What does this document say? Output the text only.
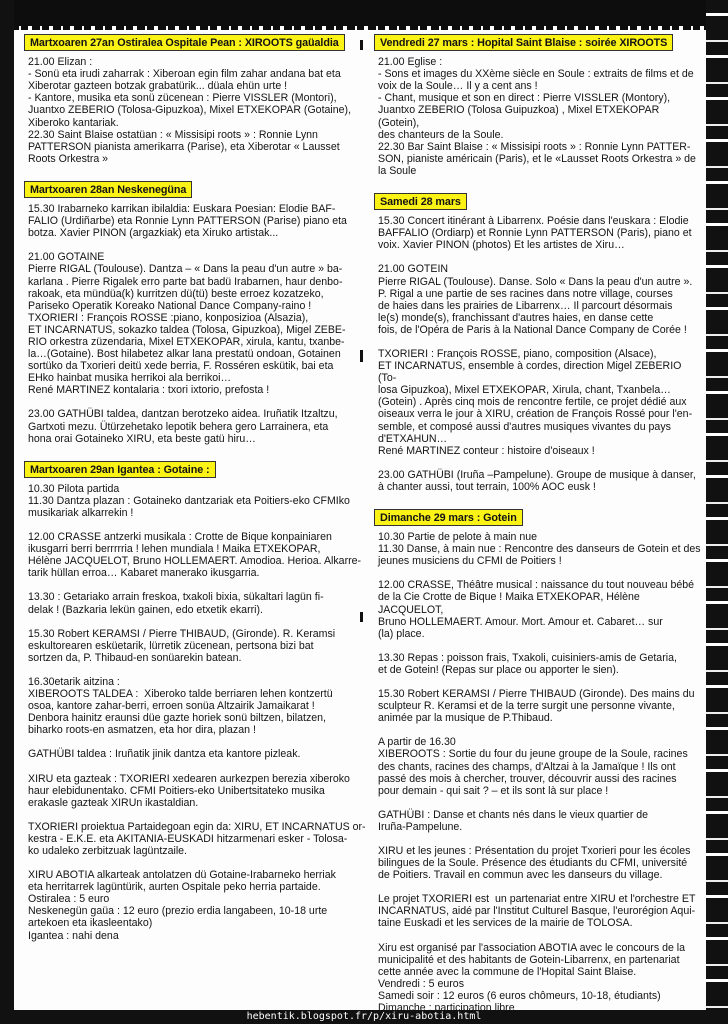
Martxoaren 27an Ostiralea Ospitale Pean : XIROOTS gaüaldia

21.00 Elizan :

- Sonü eta irudi zaharrak : Xiberoan egin film zahar andana bat eta

Xiberotar gazteen botzak grabatürik... düala ehün urte !

- Kantore, musika eta sonü zücenean : Pierre VISSLER (Montori),

Juantxo ZEBERIO (Tolosa-Gipuzkoa), Mixel ETXEKOPAR (Gotaine),

Xiberoko kantariak.

22.30 Saint Blaise ostatüan : « Missisipi roots » : Ronnie Lynn

PATTERSON pianista amerikarra (Parise), eta Xiberotar « Lausset

Roots Orkestra »

Martxoaren 28an Neskenegüna

15.30 Irabarneko karrikan ibilaldia: Euskara Poesian: Elodie BAF-

FALIO (Urdiñarbe) eta Ronnie Lynn PATTERSON (Parise) piano eta

botza. Xavier PINON (argazkiak) eta Xiruko artistak...

21.00 GOTAINE

Pierre RIGAL (Toulouse). Dantza – « Dans la peau d'un autre » ba-

karlana . Pierre Rigalek erro parte bat badü Irabarnen, haur denbo-

rakoak, eta mündüa(k) kurritzen dü(tü) beste erroez kozatzeko,

Pariseko Operatik Koreako National Dance Company-raino !

TXORIERI : François ROSSE :piano, konposizioa (Alsazia),

ET INCARNATUS, sokazko taldea (Tolosa, Gipuzkoa), Migel ZEBE-

RIO orkestra züzendaria, Mixel ETXEKOPAR, xirula, kantu, txanbe-

la…(Gotaine). Bost hilabetez alkar lana prestatü ondoan, Gotainen

sortüko da Txorieri deitü xede berria, F. Rosséren eskütik, bai eta

EHko hainbat musika herrikoi ala berrikoi…

René MARTINEZ kontalaria : txori ixtorio, prefosta !

23.00 GATHÜBI taldea, dantzan berotzeko aidea. Iruñatik Itzaltzu,

Gartxoti mezu. Ütürzehetako lepotik behera gero Larrainera, eta

hona orai Gotaineko XIRU, eta beste gatü hiru…

Martxoaren 29an Igantea : Gotaine :

10.30 Pilota partida

11.30 Dantza plazan : Gotaineko dantzariak eta Poitiers-eko CFMIko

musikariak alkarrekin !

12.00 CRASSE antzerki musikala : Crotte de Bique konpainiaren

ikusgarri berri berrrrria ! lehen mundiala ! Maika ETXEKOPAR,

Hélène JACQUELOT, Bruno HOLLEMAERT. Amodioa. Herioa. Alkarre-

tarik hüllan erroa… Kabaret manerako ikusgarria.

13.30 : Getariako arrain freskoa, txakoli bixia, sükaltari lagün fi-

delak ! (Bazkaria lekün gainen, edo etxetik ekarri).

15.30 Robert KERAMSI / Pierre THIBAUD, (Gironde). R. Keramsi

eskultorearen esküetarik, lürretik zücenean, pertsona bizi bat

sortzen da, P. Thibaud-en sonüarekin batean.

16.30etarik aitzina :

XIBEROOTS TALDEA :  Xiberoko talde berriaren lehen kontzertü

osoa, kantore zahar-berri, erroen sonüa Altzairik Jamaikarat !

Denbora hainitz eraunsi düe gazte horiek sonü biltzen, bilatzen,

biharko roots-en asmatzen, eta hor dira, plazan !

GATHÜBI taldea : Iruñatik jinik dantza eta kantore pizleak.

XIRU eta gazteak : TXORIERI xedearen aurkezpen berezia xiberoko

haur elebidunentako. CFMI Poitiers-eko Unibertsitateko musika

erakasle gazteak XIRUn ikastaldian.

TXORIERI proiektua Partaidegoan egin da: XIRU, ET INCARNATUS or-

kestra - E.K.E. eta AKITANIA-EUSKADI hitzarmenari esker - Tolosa-

ko udaleko zerbitzuak lagüntzaile.

XIRU ABOTIA alkarteak antolatzen dü Gotaine-Irabarneko herriak

eta herritarrek lagüntürik, aurten Ospitale peko herria partaide.

Ostiralea : 5 euro

Neskenegün gaüa : 12 euro (prezio erdia langabeen, 10-18 urte

artekoen eta ikasleentako)

Igantea : nahi dena

Vendredi 27 mars : Hopital Saint Blaise : soirée XIROOTS

21.00 Eglise :

- Sons et images du XXème siècle en Soule : extraits de films et de

voix de la Soule… Il y a cent ans !

- Chant, musique et son en direct : Pierre VISSLER (Montory),

Juantxo ZEBERIO (Tolosa Guipuzkoa) , Mixel ETXEKOPAR (Gotein),

des chanteurs de la Soule.

22.30 Bar Saint Blaise : « Missisipi roots » : Ronnie Lynn PATTER-

SON, pianiste américain (Paris), et le «Lausset Roots Orkestra » de

la Soule

Samedi 28 mars

15.30 Concert itinérant à Libarrenx. Poésie dans l'euskara : Elodie

BAFFALIO (Ordiarp) et Ronnie Lynn PATTERSON (Paris), piano et

voix. Xavier PINON (photos) Et les artistes de Xiru…

21.00 GOTEIN

Pierre RIGAL (Toulouse). Danse. Solo « Dans la peau d'un autre ».

P. Rigal a une partie de ses racines dans notre village, courses

de haies dans les prairies de Libarrenx… Il parcourt désormais

le(s) monde(s), franchissant d'autres haies, en danse cette

fois, de l'Opéra de Paris à la National Dance Company de Corée !

TXORIERI : François ROSSE, piano, composition (Alsace),

ET INCARNATUS, ensemble à cordes, direction Migel ZEBERIO (To-

losa Gipuzkoa), Mixel ETXEKOPAR, Xirula, chant, Txanbela…

(Gotein) . Après cinq mois de rencontre fertile, ce projet dédié aux

oiseaux verra le jour à XIRU, création de François Rossé pour l'en-

semble, et composé aussi d'autres musiques vivantes du pays

d'ETXAHUN…

René MARTINEZ conteur : histoire d'oiseaux !

23.00 GATHÜBI (Iruña –Pampelune). Groupe de musique à danser,

à chanter aussi, tout terrain, 100% AOC eusk !

Dimanche 29 mars : Gotein

10.30 Partie de pelote à main nue

11.30 Danse, à main nue : Rencontre des danseurs de Gotein et des

jeunes musiciens du CFMI de Poitiers !

12.00 CRASSE, Théâtre musical : naissance du tout nouveau bébé

de la Cie Crotte de Bique ! Maika ETXEKOPAR, Hélène JACQUELOT,

Bruno HOLLEMAERT. Amour. Mort. Amour et. Cabaret… sur

(la) place.

13.30 Repas : poisson frais, Txakoli, cuisiniers-amis de Getaria,

et de Gotein! (Repas sur place ou apporter le sien).

15.30 Robert KERAMSI / Pierre THIBAUD (Gironde). Des mains du

sculpteur R. Keramsi et de la terre surgit une personne vivante,

animée par la musique de P.Thibaud.

A partir de 16.30

XIBEROOTS : Sortie du four du jeune groupe de la Soule, racines

des chants, racines des champs, d'Altzai à la Jamaïque ! Ils ont

passé des mois à chercher, trouver, découvrir aussi des racines

pour demain - qui sait ? – et ils sont là sur place !

GATHÜBI : Danse et chants nés dans le vieux quartier de

Iruña-Pampelune.

XIRU et les jeunes : Présentation du projet Txorieri pour les écoles

bilingues de la Soule. Présence des étudiants du CFMI, université

de Poitiers. Travail en commun avec les danseurs du village.

Le projet TXORIERI est  un partenariat entre XIRU et l'orchestre ET

INCARNATUS, aidé par l'Institut Culturel Basque, l'eurorégion Aqui-

taine Euskadi et les services de la mairie de TOLOSA.

Xiru est organisé par l'association ABOTIA avec le concours de la

municipalité et des habitants de Gotein-Libarrenx, en partenariat

cette année avec la commune de l'Hopital Saint Blaise.

Vendredi : 5 euros

Samedi soir : 12 euros (6 euros chômeurs, 10-18, étudiants)

Dimanche : participation libre

hebentik.blogspot.fr/p/xiru-abotia.html
